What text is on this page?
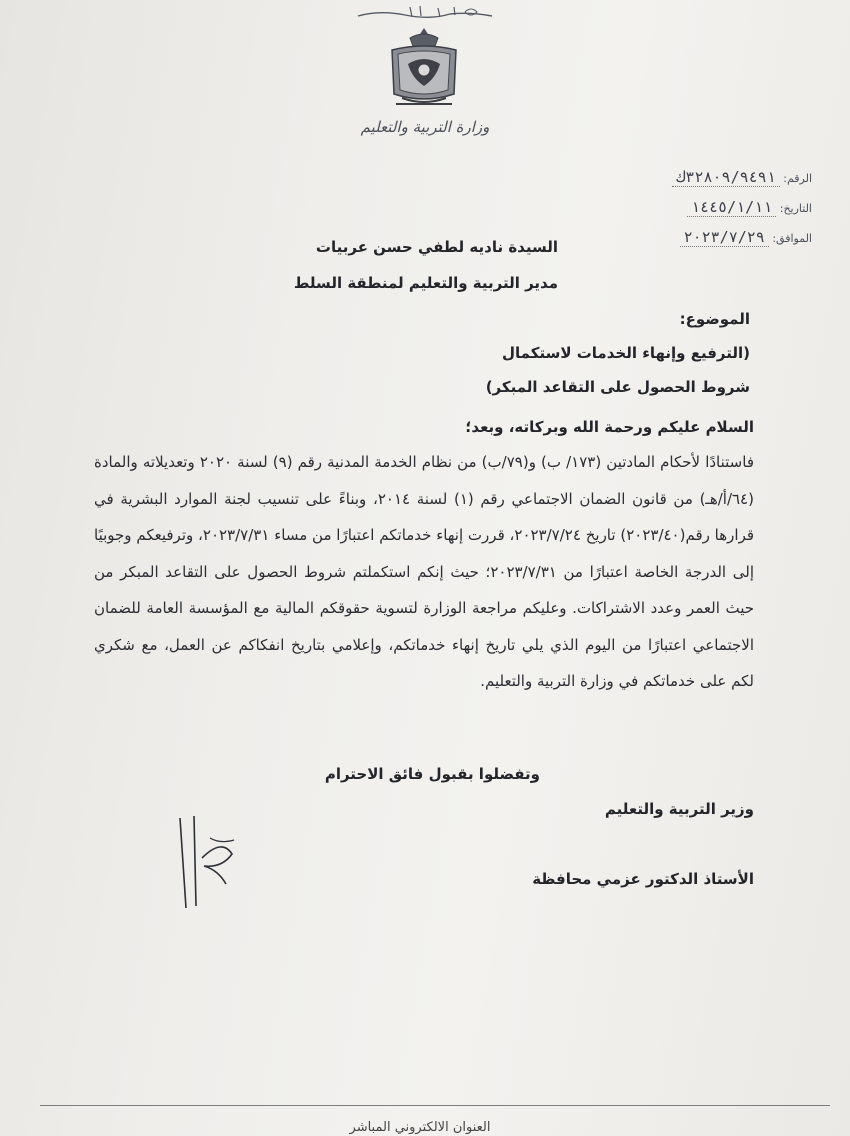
وزارة التربية والتعليم
الرقم: ٣٢٨٠٩/٩٤٩١ك
التاريخ: ١٤٤٥/١/١١
الموافق: ٢٠٢٣/٧/٢٩
السيدة ناديه لطفي حسن عربيات
مدير التربية والتعليم لمنطقة السلط
الموضوع:
(الترفيع وإنهاء الخدمات لاستكمال
شروط الحصول على التقاعد المبكر)
السلام عليكم ورحمة الله وبركاته، وبعد؛
فاستنادًا لأحكام المادتين (١٧٣/ ب) و(٧٩/ب) من نظام الخدمة المدنية رقم (٩) لسنة ٢٠٢٠ وتعديلاته والمادة (٦٤/أ/هـ) من قانون الضمان الاجتماعي رقم (١) لسنة ٢٠١٤، وبناءً على تنسيب لجنة الموارد البشرية في قرارها رقم(٢٠٢٣/٤٠) تاريخ ٢٠٢٣/٧/٢٤، قررت إنهاء خدماتكم اعتبارًا من مساء ٢٠٢٣/٧/٣١، وترفيعكم وجوبيًا إلى الدرجة الخاصة اعتبارًا من ٢٠٢٣/٧/٣١؛ حيث إنكم استكملتم شروط الحصول على التقاعد المبكر من حيث العمر وعدد الاشتراكات. وعليكم مراجعة الوزارة لتسوية حقوقكم المالية مع المؤسسة العامة للضمان الاجتماعي اعتبارًا من اليوم الذي يلي تاريخ إنهاء خدماتكم، وإعلامي بتاريخ انفكاكم عن العمل، مع شكري لكم على خدماتكم في وزارة التربية والتعليم.
وتفضلوا بقبول فائق الاحترام
وزير التربية والتعليم
الأستاذ الدكتور عزمي محافظة
العنوان الالكتروني المباشر
